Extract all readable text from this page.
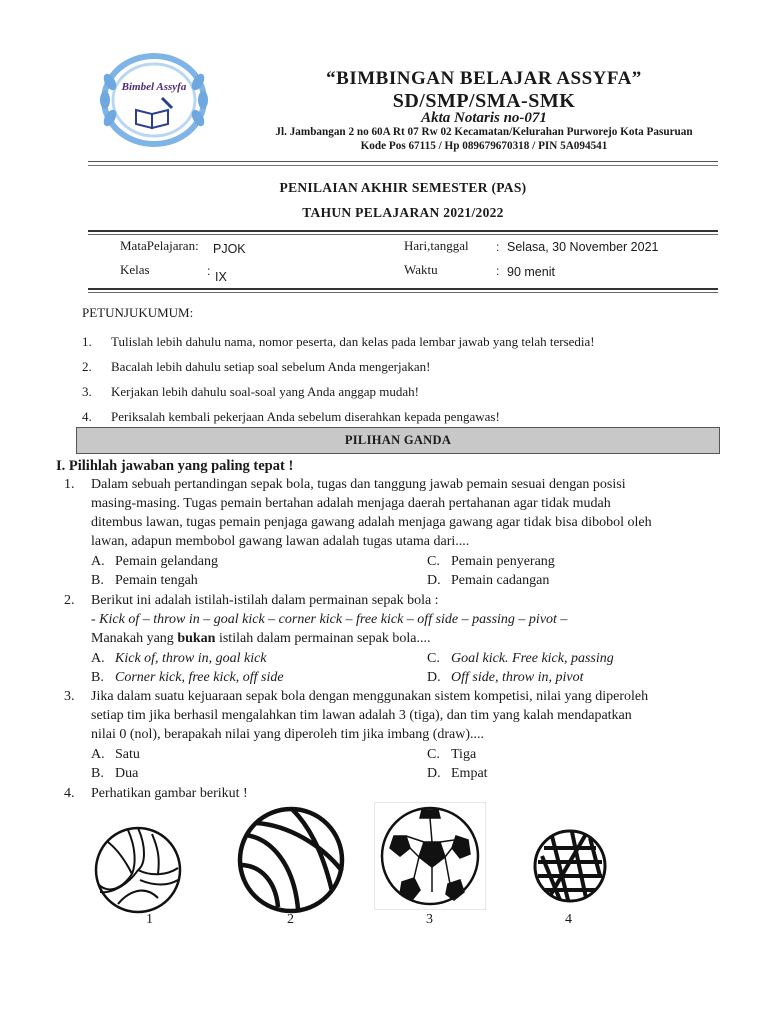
Bimbel Assyfa	“BIMBINGAN BELAJAR ASSYFA”
SD/SMP/SMA-SMK
Akta Notaris no-071
Jl. Jambangan 2 no 60A Rt 07 Rw 02 Kecamatan/Kelurahan Purworejo Kota Pasuruan
Kode Pos 67115 / Hp 089679670318 / PIN 5A094541
PENILAIAN AKHIR SEMESTER (PAS)
TAHUN PELAJARAN 2021/2022
MataPelajaran: PJOK
Kelas	: IX
Hari,tanggal : Selasa, 30 November 2021
Waktu	: 90 menit
PETUNJUKUMUM:
1. Tulislah lebih dahulu nama, nomor peserta, dan kelas pada lembar jawab yang telah tersedia!
2. Bacalah lebih dahulu setiap soal sebelum Anda mengerjakan!
3. Kerjakan lebih dahulu soal-soal yang Anda anggap mudah!
4. Periksalah kembali pekerjaan Anda sebelum diserahkan kepada pengawas!
PILIHAN GANDA
I. Pilihlah jawaban yang paling tepat !
1. Dalam sebuah pertandingan sepak bola, tugas dan tanggung jawab pemain sesuai dengan posisi
masing-masing. Tugas pemain bertahan adalah menjaga daerah pertahanan agar tidak mudah
ditembus lawan, tugas pemain penjaga gawang adalah menjaga gawang agar tidak bisa dibobol oleh
lawan, adapun membobol gawang lawan adalah tugas utama dari....
A. Pemain gelandang
B. Pemain tengah
C. Pemain penyerang
D. Pemain cadangan
2. Berikut ini adalah istilah-istilah dalam permainan sepak bola :
- Kick of – throw in – goal kick – corner kick – free kick – off side – passing – pivot –
Manakah yang bukan istilah dalam permainan sepak bola....
A. Kick of, throw in, goal kick
B. Corner kick, free kick, off side
C. Goal kick. Free kick, passing
D. Off side, throw in, pivot
3. Jika dalam suatu kejuaraan sepak bola dengan menggunakan sistem kompetisi, nilai yang diperoleh
setiap tim jika berhasil mengalahkan tim lawan adalah 3 (tiga), dan tim yang kalah mendapatkan
nilai 0 (nol), berapakah nilai yang diperoleh tim jika imbang (draw)....
A. Satu
B. Dua
C. Tiga
D. Empat
4. Perhatikan gambar berikut !
1	2	3	4
